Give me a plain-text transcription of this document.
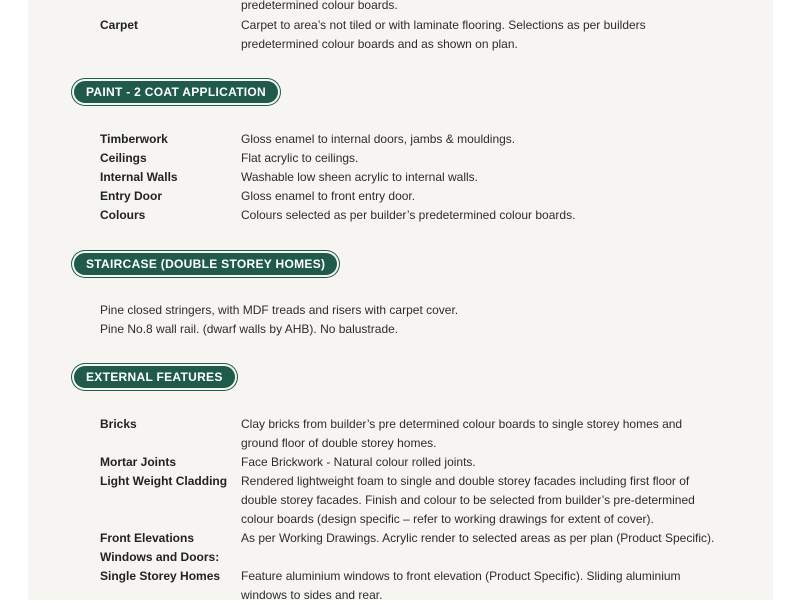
predetermined colour boards.
Carpet	Carpet to area’s not tiled or with laminate flooring. Selections as per builders
predetermined colour boards and as shown on plan.
PAINT - 2 COAT APPLICATION
Timberwork	Gloss enamel to internal doors, jambs & mouldings.
Ceilings	Flat acrylic to ceilings.
Internal Walls	Washable low sheen acrylic to internal walls.
Entry Door	Gloss enamel to front entry door.
Colours	Colours selected as per builder’s predetermined colour boards.
STAIRCASE (DOUBLE STOREY HOMES)
Pine closed stringers, with MDF treads and risers with carpet cover.
Pine No.8 wall rail. (dwarf walls by AHB). No balustrade.
EXTERNAL FEATURES
Bricks	Clay bricks from builder’s pre determined colour boards to single storey homes and
ground floor of double storey homes.
Mortar Joints	Face Brickwork - Natural colour rolled joints.
Light Weight Cladding	Rendered lightweight foam to single and double storey facades including first floor of
double storey facades. Finish and colour to be selected from builder’s pre-determined
colour boards (design specific – refer to working drawings for extent of cover).
Front Elevations	As per Working Drawings. Acrylic render to selected areas as per plan (Product Specific).
Windows and Doors:
Single Storey Homes	Feature aluminium windows to front elevation (Product Specific). Sliding aluminium
windows to sides and rear.
